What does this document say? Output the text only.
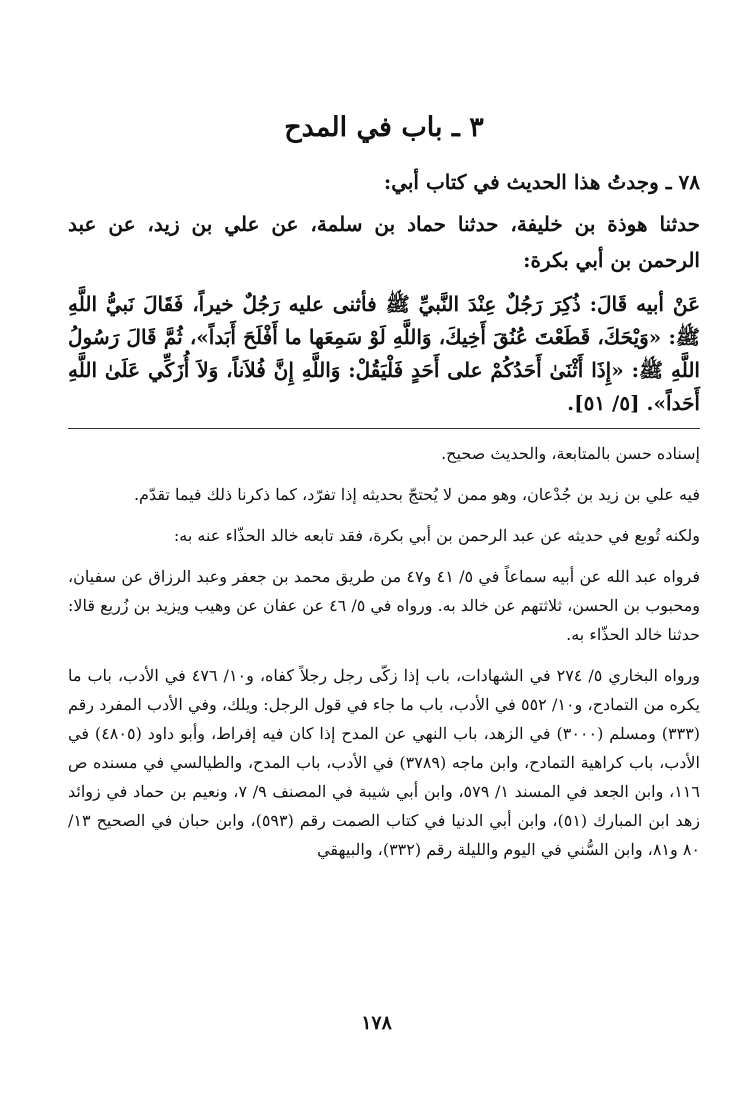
٣ ـ باب في المدح
٧٨ ـ وجدتُ هذا الحديث في كتاب أبي:
حدثنا هوذة بن خليفة، حدثنا حماد بن سلمة، عن علي بن زيد، عن عبد الرحمن بن أبي بكرة:
عَنْ أبيه قَالَ: ذُكِرَ رَجُلٌ عِنْدَ النَّبيِّ ﷺ فأثنى عليه رَجُلٌ خيراً، فَقَالَ نَبيُّ اللَّهِ ﷺ: «وَيْحَكَ، قَطَعْتَ عُنُقَ أَخِيكَ، وَاللَّهِ لَوْ سَمِعَها ما أَفْلَحَ أَبَداً»، ثُمَّ قَالَ رَسُولُ اللَّهِ ﷺ: «إِذَا أَثْنَىٰ أَحَدُكُمْ على أَحَدٍ فَلْيَقُلْ: وَاللَّهِ إِنَّ فُلاَناً، وَلاَ أُزَكِّي عَلَىٰ اللَّهِ أَحَداً». [٥/ ٥١].
إسناده حسن بالمتابعة، والحديث صحيح.
فيه علي بن زيد بن جُدْعان، وهو ممن لا يُحتجّ بحديثه إذا تفرّد، كما ذكرنا ذلك فيما تقدّم.
ولكنه تُوبع في حديثه عن عبد الرحمن بن أبي بكرة، فقد تابعه خالد الحذّاء عنه به:
فرواه عبد الله عن أبيه سماعاً في ٥/ ٤١ و٤٧ من طريق محمد بن جعفر وعبد الرزاق عن سفيان، ومحبوب بن الحسن، ثلاثتهم عن خالد به. ورواه في ٥/ ٤٦ عن عفان عن وهيب ويزيد بن زُريع قالا: حدثنا خالد الحذّاء به.
ورواه البخاري ٥/ ٢٧٤ في الشهادات، باب إذا زكّى رجل رجلاً كفاه، و١٠/ ٤٧٦ في الأدب، باب ما يكره من التمادح، و١٠/ ٥٥٢ في الأدب، باب ما جاء في قول الرجل: ويلك، وفي الأدب المفرد رقم (٣٣٣) ومسلم (٣٠٠٠) في الزهد، باب النهي عن المدح إذا كان فيه إفراط، وأبو داود (٤٨٠٥) في الأدب، باب كراهية التمادح، وابن ماجه (٣٧٨٩) في الأدب، باب المدح، والطيالسي في مسنده ص ١١٦، وابن الجعد في المسند ١/ ٥٧٩، وابن أبي شيبة في المصنف ٩/ ٧، ونعيم بن حماد في زوائد زهد ابن المبارك (٥١)، وابن أبي الدنيا في كتاب الصمت رقم (٥٩٣)، وابن حبان في الصحيح ١٣/ ٨٠ و٨١، وابن السُّني في اليوم والليلة رقم (٣٣٢)، والبيهقي
١٧٨
